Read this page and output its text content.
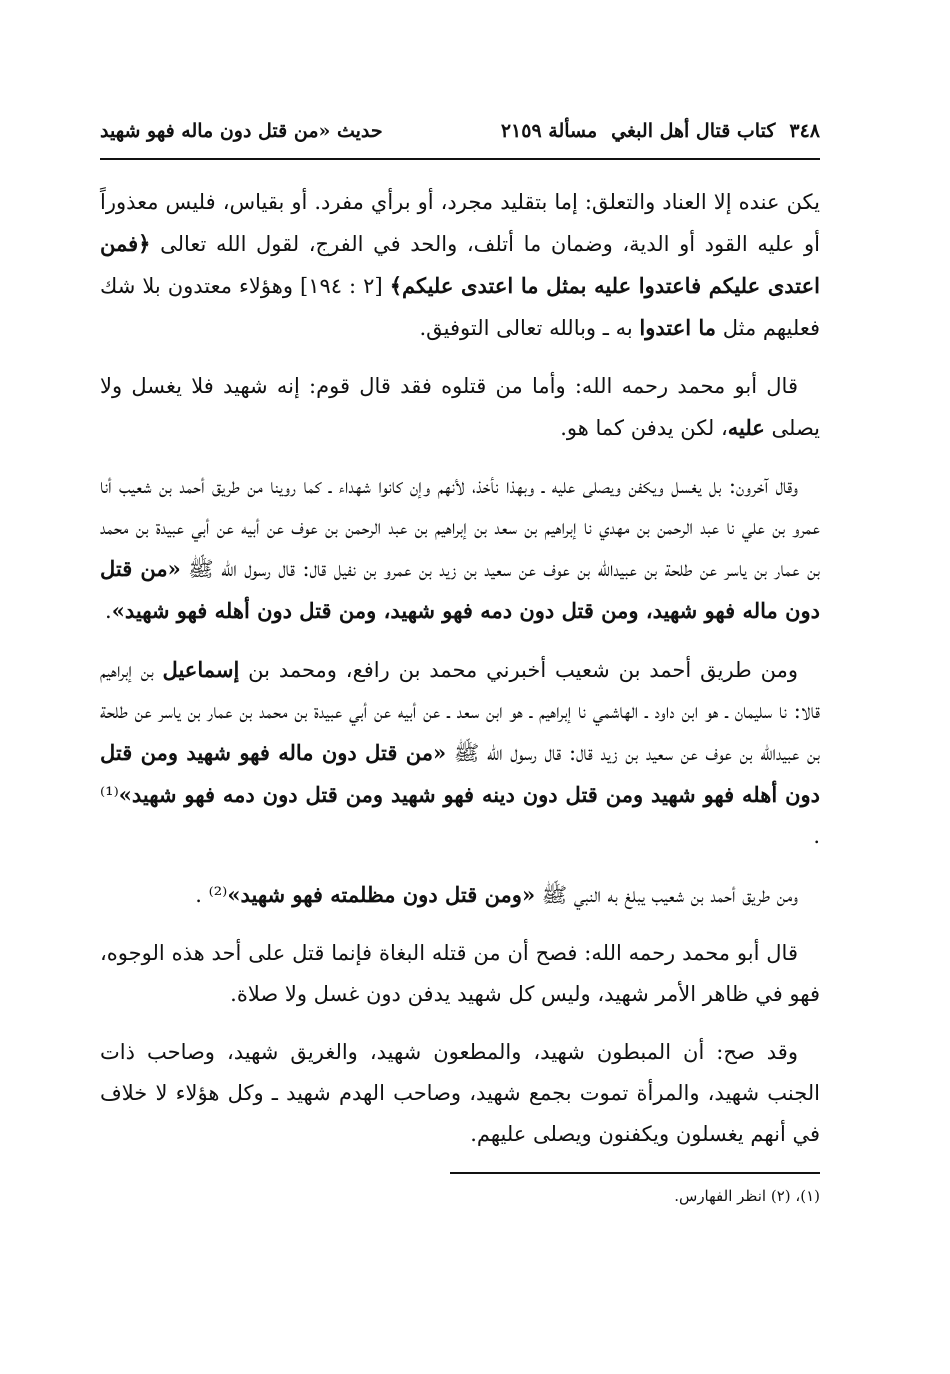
٣٤٨
كتاب قتال أهل البغي
مسألة ٢١٥٩
حديث «من قتل دون ماله فهو شهيد

يكن عنده إلا العناد والتعلق: إما بتقليد مجرد، أو برأي مفرد. أو بقياس، فليس معذوراً أو عليه القود أو الدية، وضمان ما أتلف، والحد في الفرج، لقول الله تعالى ﴿فمن اعتدى عليكم فاعتدوا عليه بمثل ما اعتدى عليكم﴾ [٢ : ١٩٤] وهؤلاء معتدون بلا شك فعليهم مثل ما اعتدوا به ـ وبالله تعالى التوفيق.

قال أبو محمد رحمه الله: وأما من قتلوه فقد قال قوم: إنه شهيد فلا يغسل ولا يصلى عليه، لكن يدفن كما هو.

وقال آخرون: بل يغسل ويكفن ويصلى عليه ـ وبهذا نأخذ، لأنهم وإن كانوا شهداء ـ كما روينا من طريق أحمد بن شعيب أنا عمرو بن علي نا عبد الرحمن بن مهدي نا إبراهيم بن سعد بن إبراهيم بن عبد الرحمن بن عوف عن أبيه عن أبي عبيدة بن محمد بن عمار بن ياسر عن طلحة بن عبيدالله بن عوف عن سعيد بن زيد بن عمرو بن نفيل قال: قال رسول الله ﷺ «من قتل دون ماله فهو شهيد، ومن قتل دون دمه فهو شهيد، ومن قتل دون أهله فهو شهيد».

ومن طريق أحمد بن شعيب أخبرني محمد بن رافع، ومحمد بن إسماعيل بن إبراهيم قالا: نا سليمان ـ هو ابن داود ـ الهاشمي نا إبراهيم ـ هو ابن سعد ـ عن أبيه عن أبي عبيدة بن محمد بن عمار بن ياسر عن طلحة بن عبيدالله بن عوف عن سعيد بن زيد قال: قال رسول الله ﷺ «من قتل دون ماله فهو شهيد ومن قتل دون أهله فهو شهيد ومن قتل دون دينه فهو شهيد ومن قتل دون دمه فهو شهيد»⁽¹⁾ .

ومن طريق أحمد بن شعيب يبلغ به النبي ﷺ «ومن قتل دون مظلمته فهو شهيد»⁽²⁾ .

قال أبو محمد رحمه الله: فصح أن من قتله البغاة فإنما قتل على أحد هذه الوجوه، فهو في ظاهر الأمر شهيد، وليس كل شهيد يدفن دون غسل ولا صلاة.

وقد صح: أن المبطون شهيد، والمطعون شهيد، والغريق شهيد، وصاحب ذات الجنب شهيد، والمرأة تموت بجمع شهيد، وصاحب الهدم شهيد ـ وكل هؤلاء لا خلاف في أنهم يغسلون ويكفنون ويصلى عليهم.

(١)، (٢) انظر الفهارس.
